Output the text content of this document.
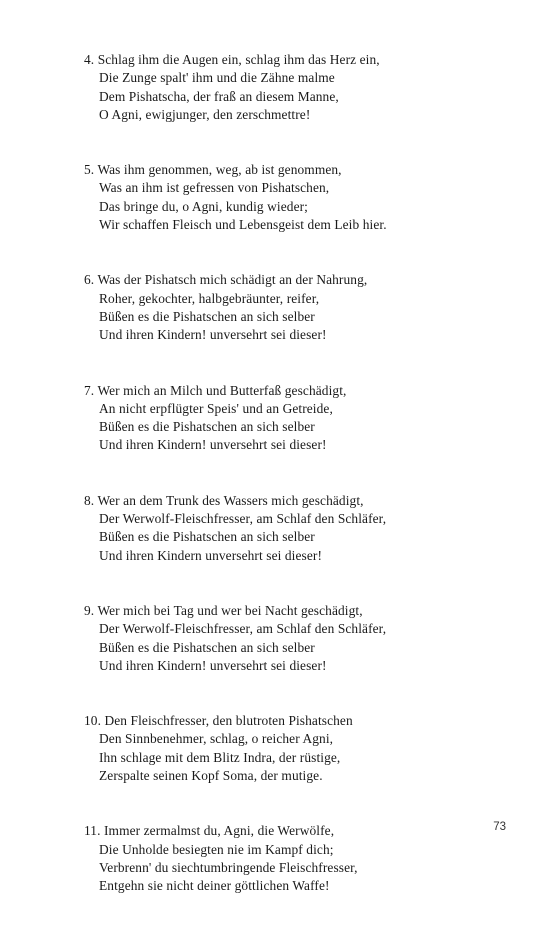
4. Schlag ihm die Augen ein, schlag ihm das Herz ein,
Die Zunge spalt' ihm und die Zähne malme
Dem Pishatscha, der fraß an diesem Manne,
O Agni, ewigjunger, den zerschmettre!
5. Was ihm genommen, weg, ab ist genommen,
Was an ihm ist gefressen von Pishatschen,
Das bringe du, o Agni, kundig wieder;
Wir schaffen Fleisch und Lebensgeist dem Leib hier.
6. Was der Pishatsch mich schädigt an der Nahrung,
Roher, gekochter, halbgebräunter, reifer,
Büßen es die Pishatschen an sich selber
Und ihren Kindern! unversehrt sei dieser!
7. Wer mich an Milch und Butterfaß geschädigt,
An nicht erpflügter Speis' und an Getreide,
Büßen es die Pishatschen an sich selber
Und ihren Kindern! unversehrt sei dieser!
8. Wer an dem Trunk des Wassers mich geschädigt,
Der Werwolf-Fleischfresser, am Schlaf den Schläfer,
Büßen es die Pishatschen an sich selber
Und ihren Kindern unversehrt sei dieser!
9. Wer mich bei Tag und wer bei Nacht geschädigt,
Der Werwolf-Fleischfresser, am Schlaf den Schläfer,
Büßen es die Pishatschen an sich selber
Und ihren Kindern! unversehrt sei dieser!
10. Den Fleischfresser, den blutroten Pishatschen
Den Sinnbenehmer, schlag, o reicher Agni,
Ihn schlage mit dem Blitz Indra, der rüstige,
Zerspalte seinen Kopf Soma, der mutige.
11. Immer zermalmst du, Agni, die Werwölfe,
Die Unholde besiegten nie im Kampf dich;
Verbrenn' du siechtumbringende Fleischfresser,
Entgehn sie nicht deiner göttlichen Waffe!
73
